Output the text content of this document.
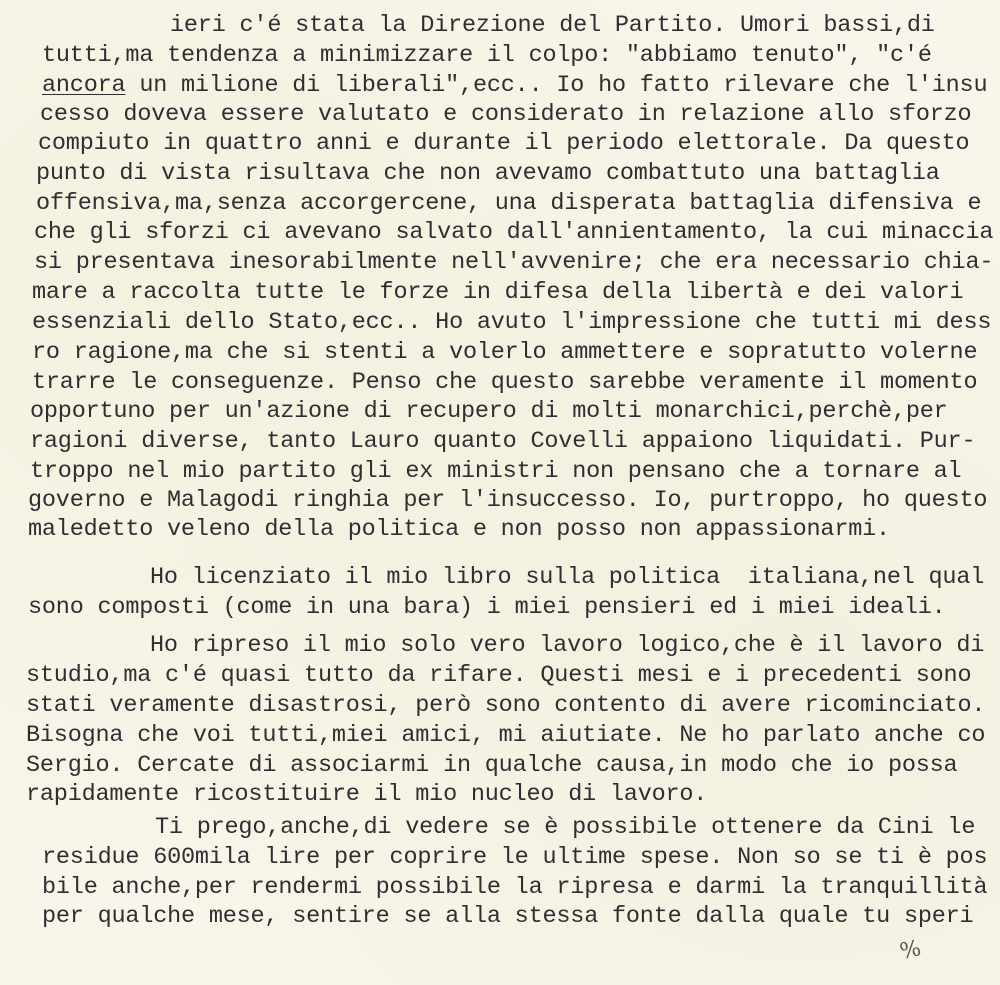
ieri c'é stata la Direzione del Partito. Umori bassi,di
tutti,ma tendenza a minimizzare il colpo: "abbiamo tenuto", "c'é
ancora un milione di liberali",ecc.. Io ho fatto rilevare che l'insu
cesso doveva essere valutato e considerato in relazione allo sforzo
compiuto in quattro anni e durante il periodo elettorale. Da questo
punto di vista risultava che non avevamo combattuto una battaglia
offensiva,ma,senza accorgercene, una disperata battaglia difensiva e
che gli sforzi ci avevano salvato dall'annientamento, la cui minaccia
si presentava inesorabilmente nell'avvenire; che era necessario chia-
mare a raccolta tutte le forze in difesa della libertà e dei valori
essenziali dello Stato,ecc.. Ho avuto l'impressione che tutti mi dess
ro ragione,ma che si stenti a volerlo ammettere e sopratutto volerne
trarre le conseguenze. Penso che questo sarebbe veramente il momento
opportuno per un'azione di recupero di molti monarchici,perchè,per
ragioni diverse, tanto Lauro quanto Covelli appaiono liquidati. Pur-
troppo nel mio partito gli ex ministri non pensano che a tornare al
governo e Malagodi ringhia per l'insuccesso. Io, purtroppo, ho questo
maledetto veleno della politica e non posso non appassionarmi.
Ho licenziato il mio libro sulla politica  italiana,nel qual
sono composti (come in una bara) i miei pensieri ed i miei ideali.
Ho ripreso il mio solo vero lavoro logico,che è il lavoro di
studio,ma c'é quasi tutto da rifare. Questi mesi e i precedenti sono
stati veramente disastrosi, però sono contento di avere ricominciato.
Bisogna che voi tutti,miei amici, mi aiutiate. Ne ho parlato anche co
Sergio. Cercate di associarmi in qualche causa,in modo che io possa
rapidamente ricostituire il mio nucleo di lavoro.
Ti prego,anche,di vedere se è possibile ottenere da Cini le
residue 600mila lire per coprire le ultime spese. Non so se ti è pos
bile anche,per rendermi possibile la ripresa e darmi la tranquillità
per qualche mese, sentire se alla stessa fonte dalla quale tu speri
%
